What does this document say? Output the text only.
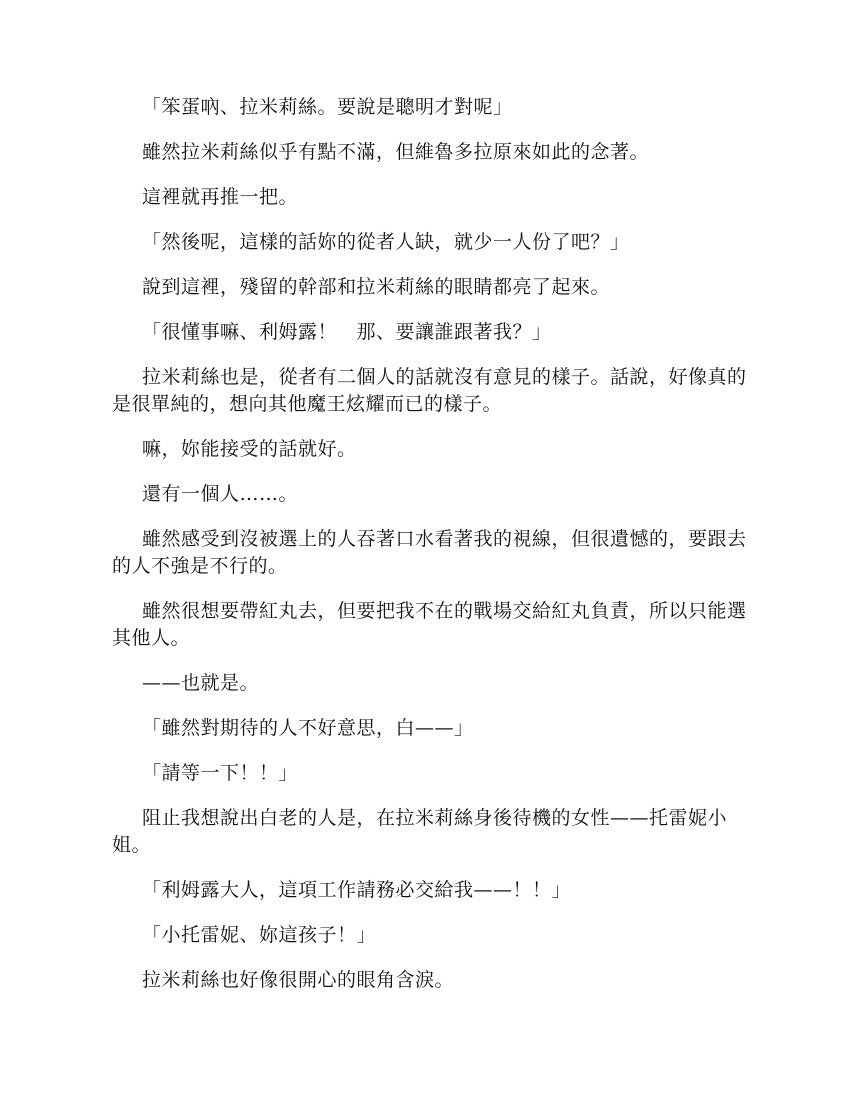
「笨蛋吶、拉米莉絲。要說是聰明才對呢」

雖然拉米莉絲似乎有點不滿，但維魯多拉原來如此的念著。

這裡就再推一把。

「然後呢，這樣的話妳的從者人缺，就少一人份了吧？」

說到這裡，殘留的幹部和拉米莉絲的眼睛都亮了起來。

「很懂事嘛、利姆露！　那、要讓誰跟著我？」

拉米莉絲也是，從者有二個人的話就沒有意見的樣子。話說，好像真的是很單純的，想向其他魔王炫耀而已的樣子。

嘛，妳能接受的話就好。

還有一個人……。

雖然感受到沒被選上的人吞著口水看著我的視線，但很遺憾的，要跟去的人不強是不行的。

雖然很想要帶紅丸去，但要把我不在的戰場交給紅丸負責，所以只能選其他人。

——也就是。

「雖然對期待的人不好意思，白——」

「請等一下！！」

阻止我想說出白老的人是，在拉米莉絲身後待機的女性——托雷妮小姐。

「利姆露大人，這項工作請務必交給我——！！」

「小托雷妮、妳這孩子！」

拉米莉絲也好像很開心的眼角含淚。
